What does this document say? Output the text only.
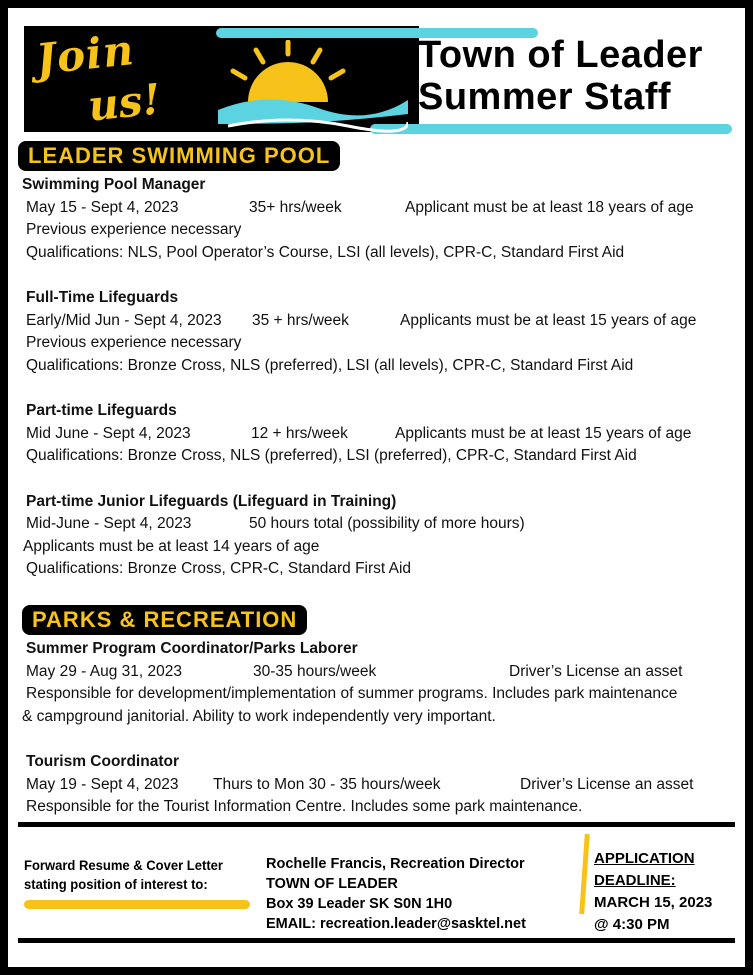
Join
us!
Town of Leader
Summer Staff
LEADER SWIMMING POOL
Swimming Pool Manager
May 15 - Sept 4, 2023	35+ hrs/week	Applicant must be at least 18 years of age
Previous experience necessary
Qualifications: NLS, Pool Operator’s Course, LSI (all levels), CPR-C, Standard First Aid
Full-Time Lifeguards
Early/Mid Jun - Sept 4, 2023 35 + hrs/week	Applicants must be at least 15 years of age
Previous experience necessary
Qualifications: Bronze Cross, NLS (preferred), LSI (all levels), CPR-C, Standard First Aid
Part-time Lifeguards
Mid June - Sept 4, 2023	12 + hrs/week	Applicants must be at least 15 years of age
Qualifications: Bronze Cross, NLS (preferred), LSI (preferred), CPR-C, Standard First Aid
Part-time Junior Lifeguards (Lifeguard in Training)
Mid-June - Sept 4, 2023	50 hours total (possibility of more hours)
Applicants must be at least 14 years of age
Qualifications: Bronze Cross, CPR-C, Standard First Aid
PARKS & RECREATION
Summer Program Coordinator/Parks Laborer
May 29 - Aug 31, 2023	30-35 hours/week	Driver’s License an asset
Responsible for development/implementation of summer programs. Includes park maintenance
& campground janitorial. Ability to work independently very important.
Tourism Coordinator
May 19 - Sept 4, 2023 Thurs to Mon 30 - 35 hours/week	Driver’s License an asset
Responsible for the Tourist Information Centre. Includes some park maintenance.
Forward Resume & Cover Letter
stating position of interest to:
Rochelle Francis, Recreation Director
TOWN OF LEADER
Box 39 Leader SK S0N 1H0
EMAIL: recreation.leader@sasktel.net
APPLICATION
DEADLINE:
MARCH 15, 2023
@ 4:30 PM
